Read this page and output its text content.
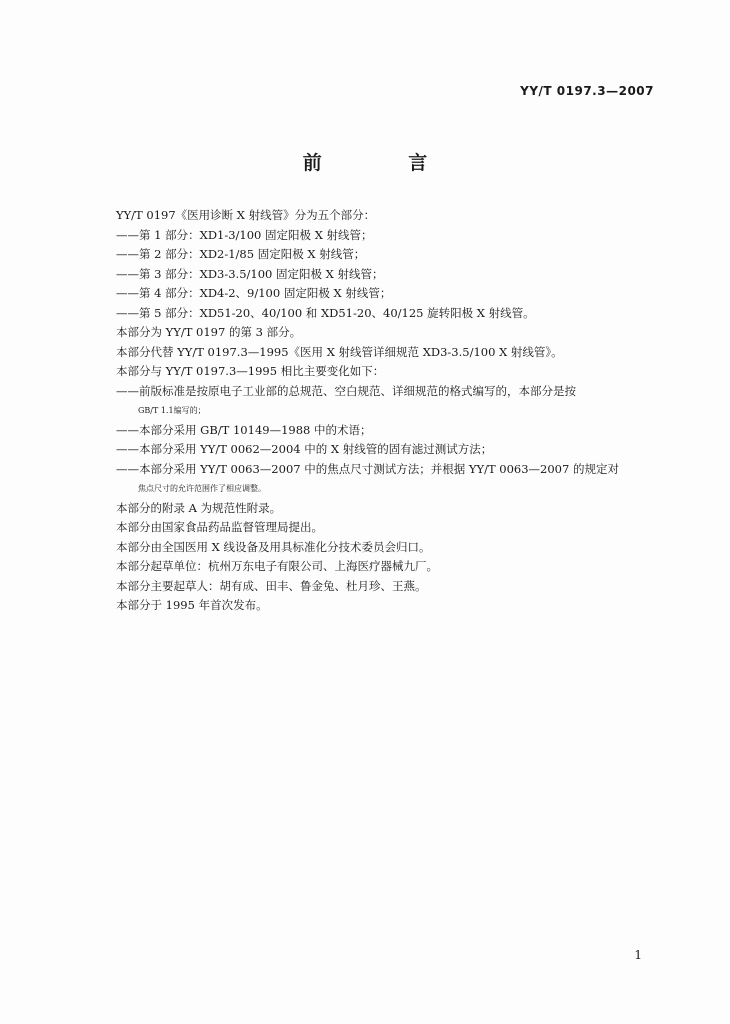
YY/T 0197.3—2007
前 言
YY/T 0197《医用诊断 X 射线管》分为五个部分：
——第 1 部分：XD1-3/100 固定阳极 X 射线管；
——第 2 部分：XD2-1/85 固定阳极 X 射线管；
——第 3 部分：XD3-3.5/100 固定阳极 X 射线管；
——第 4 部分：XD4-2、9/100 固定阳极 X 射线管；
——第 5 部分：XD51-20、40/100 和 XD51-20、40/125 旋转阳极 X 射线管。
本部分为 YY/T 0197 的第 3 部分。
本部分代替 YY/T 0197.3—1995《医用 X 射线管详细规范 XD3-3.5/100 X 射线管》。
本部分与 YY/T 0197.3—1995 相比主要变化如下：
——前版标准是按原电子工业部的总规范、空白规范、详细规范的格式编写的，本部分是按
GB/T 1.1编写的；
——本部分采用 GB/T 10149—1988 中的术语；
——本部分采用 YY/T 0062—2004 中的 X 射线管的固有滤过测试方法；
——本部分采用 YY/T 0063—2007 中的焦点尺寸测试方法；并根据 YY/T 0063—2007 的规定对
焦点尺寸的允许范围作了相应调整。
本部分的附录 A 为规范性附录。
本部分由国家食品药品监督管理局提出。
本部分由全国医用 X 线设备及用具标准化分技术委员会归口。
本部分起草单位：杭州万东电子有限公司、上海医疗器械九厂。
本部分主要起草人：胡有成、田丰、鲁金兔、杜月珍、王燕。
本部分于 1995 年首次发布。
1
